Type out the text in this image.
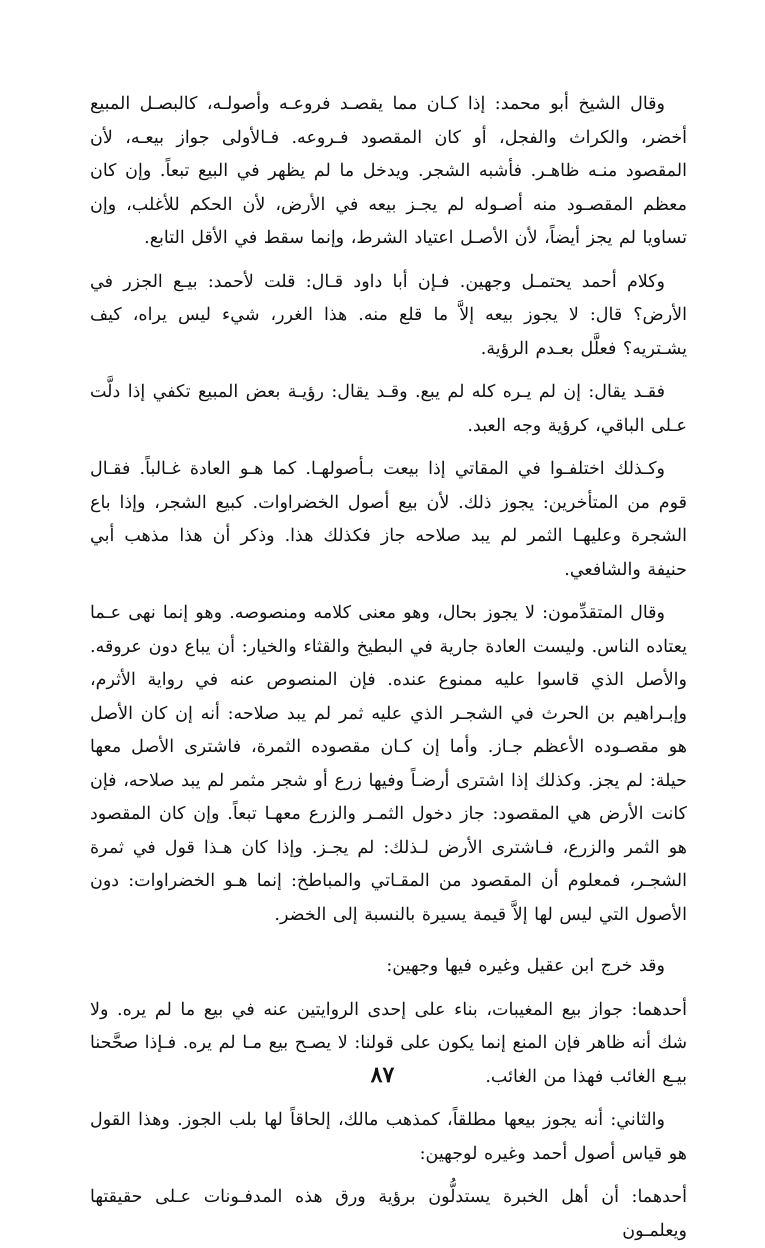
وقال الشيخ أبو محمد: إذا كـان مما يقصـد فروعـه وأصولـه، كالبصـل المبيع أخضر، والكراث والفجل، أو كان المقصود فـروعه. فـالأولى جواز بيعـه، لأن المقصود منـه ظاهـر. فأشبه الشجر. ويدخل ما لم يظهر في البيع تبعاً. وإن كان معظم المقصـود منه أصـوله لم يجـز بيعه في الأرض، لأن الحكم للأغلب، وإن تساويا لم يجز أيضاً، لأن الأصـل اعتياد الشرط، وإنما سقط في الأقل التابع.

وكلام أحمد يحتمـل وجهين. فـإن أبا داود قـال: قلت لأحمد: بيـع الجزر في الأرض؟ قال: لا يجوز بيعه إلاَّ ما قلع منه. هذا الغرر، شيء ليس يراه، كيف يشـتريه؟ فعلَّل بعـدم الرؤية.

فقـد يقال: إن لم يـره كله لم يبع. وقـد يقال: رؤيـة بعض المبيع تكفي إذا دلَّت عـلى الباقي، كرؤية وجه العبد.

وكـذلك اختلفـوا في المقاتي إذا بيعت بـأصولهـا. كما هـو العادة غـالباً. فقـال قوم من المتأخرين: يجوز ذلك. لأن بيع أصول الخضراوات. كبيع الشجر، وإذا باع الشجرة وعليهـا الثمر لم يبد صلاحه جاز فكذلك هذا. وذكر أن هذا مذهب أبي حنيفة والشافعي.

وقال المتقدِّمون: لا يجوز بحال، وهو معنى كلامه ومنصوصه. وهو إنما نهى عـما يعتاده الناس. وليست العادة جارية في البطيخ والقثاء والخيار: أن يباع دون عروقه. والأصل الذي قاسوا عليه ممنوع عنده. فإن المنصوص عنه في رواية الأثرم، وإبـراهيم بن الحرث في الشجـر الذي عليه ثمر لم يبد صلاحه: أنه إن كان الأصل هو مقصـوده الأعظم جـاز. وأما إن كـان مقصوده الثمرة، فاشترى الأصل معها حيلة: لم يجز. وكذلك إذا اشترى أرضـاً وفيها زرع أو شجر مثمر لم يبد صلاحه، فإن كانت الأرض هي المقصود: جاز دخول الثمـر والزرع معهـا تبعاً. وإن كان المقصود هو الثمر والزرع، فـاشترى الأرض لـذلك: لم يجـز. وإذا كان هـذا قول في ثمرة الشجـر، فمعلوم أن المقصود من المقـاتي والمباطخ: إنما هـو الخضراوات: دون الأصول التي ليس لها إلاَّ قيمة يسيرة بالنسبة إلى الخضر.

وقد خرج ابن عقيل وغيره فيها وجهين:

أحدهما: جواز بيع المغيبات، بناء على إحدى الروايتين عنه في بيع ما لم يره. ولا شك أنه ظاهر فإن المنع إنما يكون على قولنا: لا يصـح بيع مـا لم يره. فـإذا صحَّحنا بيـع الغائب فهذا من الغائب.

والثاني: أنه يجوز بيعها مطلقاً، كمذهب مالك، إلحاقاً لها بلب الجوز. وهذا القول هو قياس أصول أحمد وغيره لوجهين:

أحدهما: أن أهل الخبرة يستدلُّون برؤية ورق هذه المدفـونات عـلى حقيقتها ويعلمـون

٨٧
